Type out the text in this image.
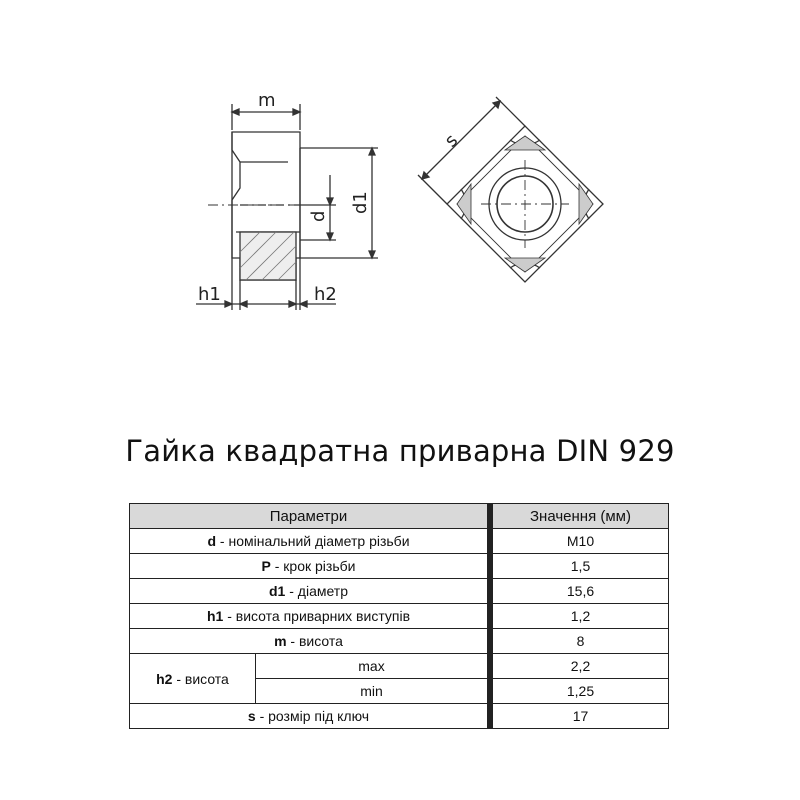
m
d
d1
h1	h2
s
Гайка квадратна приварна DIN 929
Параметри			Значення (мм)
d - номінальний діаметр різьби			M10
P - крок різьби			1,5
d1 - діаметр			15,6
h1 - висота приварних виступів			1,2
m - висота			8
h2 - висота	max		2,2
	min		1,25
s - розмір під ключ			17
